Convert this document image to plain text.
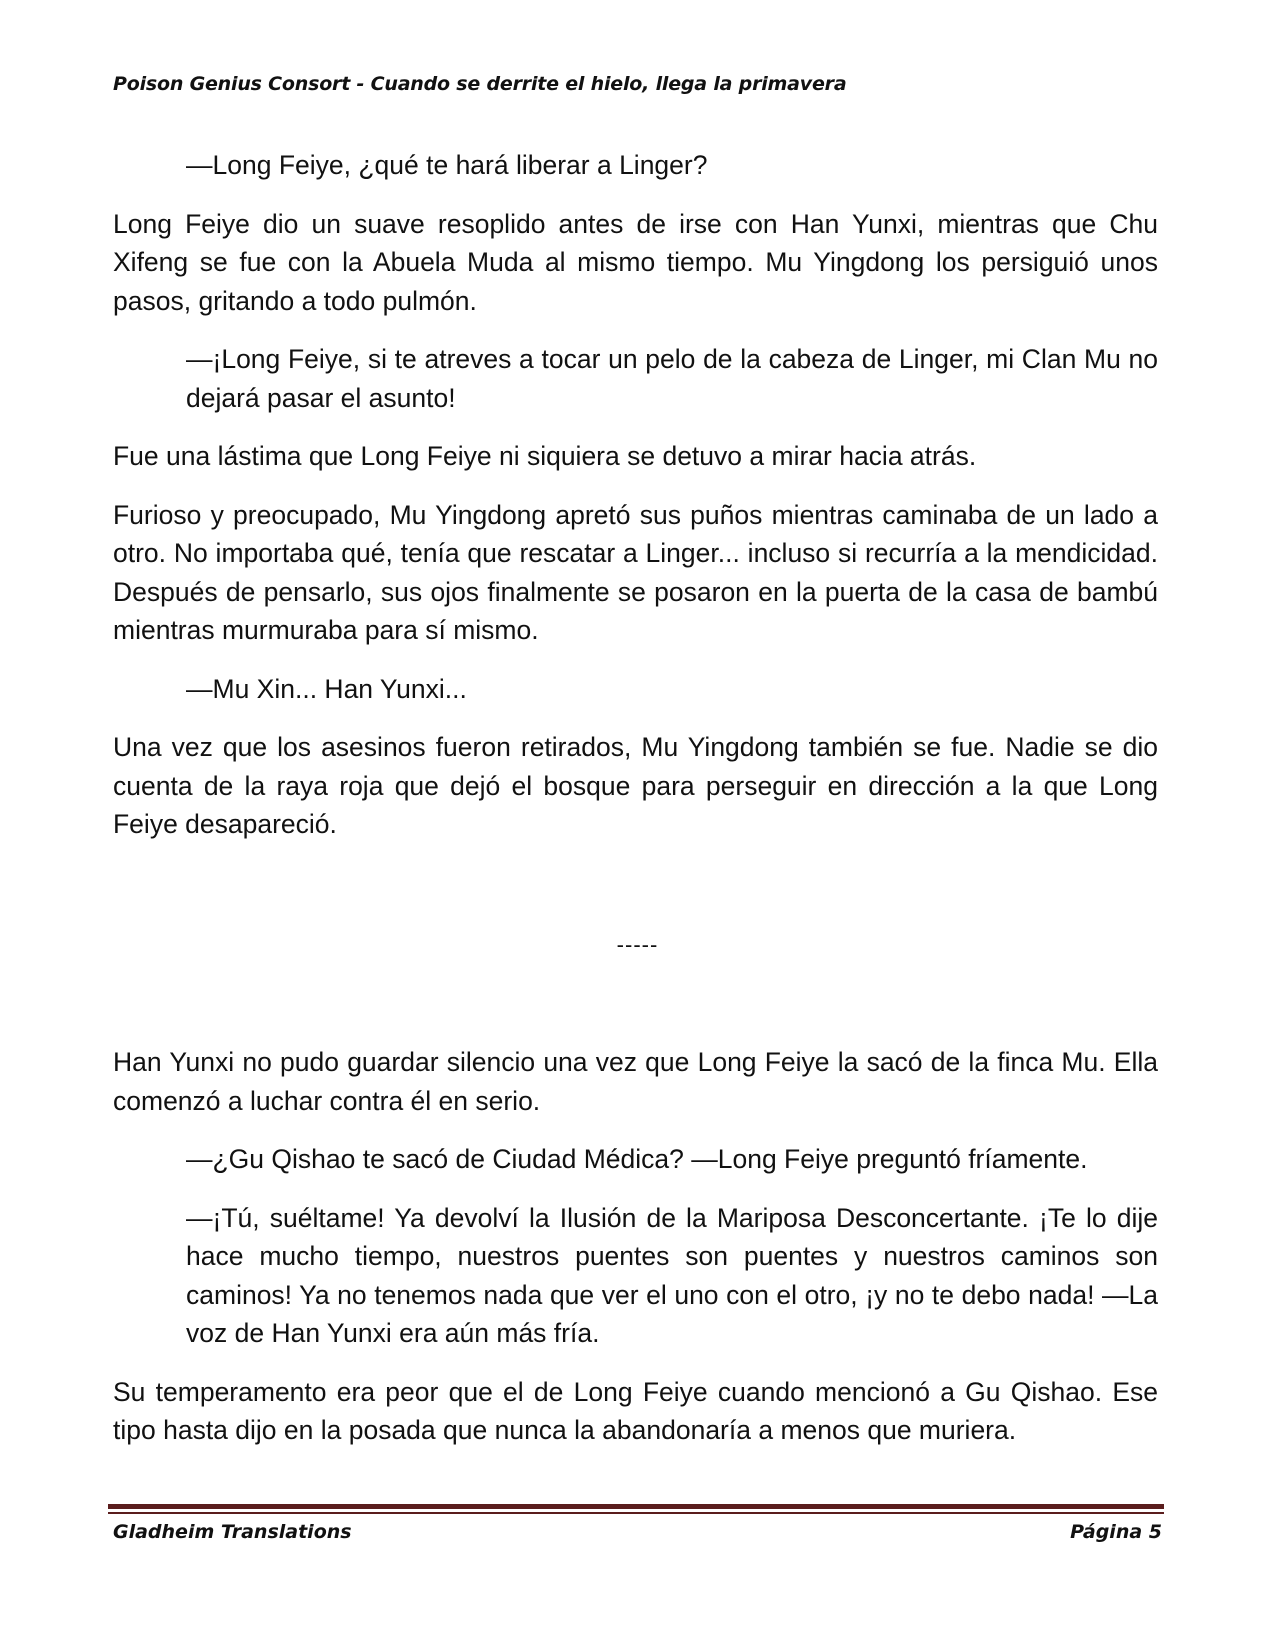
Poison Genius Consort - Cuando se derrite el hielo, llega la primavera

—Long Feiye, ¿qué te hará liberar a Linger?

Long Feiye dio un suave resoplido antes de irse con Han Yunxi, mientras que Chu Xifeng se fue con la Abuela Muda al mismo tiempo. Mu Yingdong los persiguió unos pasos, gritando a todo pulmón.

—¡Long Feiye, si te atreves a tocar un pelo de la cabeza de Linger, mi Clan Mu no dejará pasar el asunto!

Fue una lástima que Long Feiye ni siquiera se detuvo a mirar hacia atrás.

Furioso y preocupado, Mu Yingdong apretó sus puños mientras caminaba de un lado a otro. No importaba qué, tenía que rescatar a Linger... incluso si recurría a la mendicidad. Después de pensarlo, sus ojos finalmente se posaron en la puerta de la casa de bambú mientras murmuraba para sí mismo.

—Mu Xin... Han Yunxi...

Una vez que los asesinos fueron retirados, Mu Yingdong también se fue. Nadie se dio cuenta de la raya roja que dejó el bosque para perseguir en dirección a la que Long Feiye desapareció.

-----

Han Yunxi no pudo guardar silencio una vez que Long Feiye la sacó de la finca Mu. Ella comenzó a luchar contra él en serio.

—¿Gu Qishao te sacó de Ciudad Médica? —Long Feiye preguntó fríamente.

—¡Tú, suéltame! Ya devolví la Ilusión de la Mariposa Desconcertante. ¡Te lo dije hace mucho tiempo, nuestros puentes son puentes y nuestros caminos son caminos! Ya no tenemos nada que ver el uno con el otro, ¡y no te debo nada! —La voz de Han Yunxi era aún más fría.

Su temperamento era peor que el de Long Feiye cuando mencionó a Gu Qishao. Ese tipo hasta dijo en la posada que nunca la abandonaría a menos que muriera.

Gladheim Translations	Página 5
